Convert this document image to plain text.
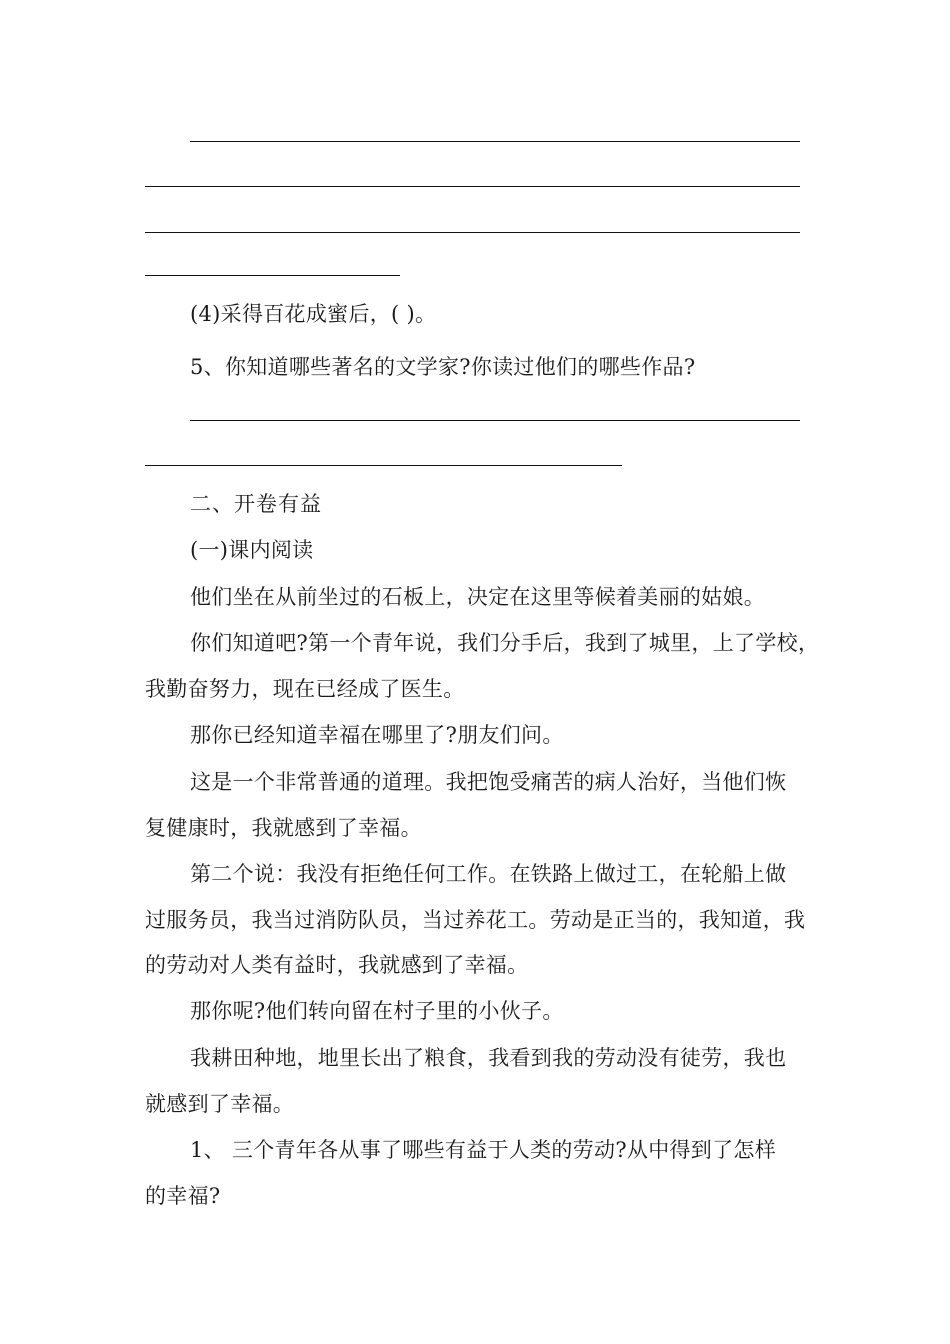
(4)采得百花成蜜后，( )。
5、你知道哪些著名的文学家?你读过他们的哪些作品?
二、开卷有益
(一)课内阅读
他们坐在从前坐过的石板上，决定在这里等候着美丽的姑娘。
你们知道吧?第一个青年说，我们分手后，我到了城里，上了学校，
我勤奋努力，现在已经成了医生。
那你已经知道幸福在哪里了?朋友们问。
这是一个非常普通的道理。我把饱受痛苦的病人治好，当他们恢
复健康时，我就感到了幸福。
第二个说：我没有拒绝任何工作。在铁路上做过工，在轮船上做
过服务员，我当过消防队员，当过养花工。劳动是正当的，我知道，我
的劳动对人类有益时，我就感到了幸福。
那你呢?他们转向留在村子里的小伙子。
我耕田种地，地里长出了粮食，我看到我的劳动没有徒劳，我也
就感到了幸福。
1、 三个青年各从事了哪些有益于人类的劳动?从中得到了怎样
的幸福?
